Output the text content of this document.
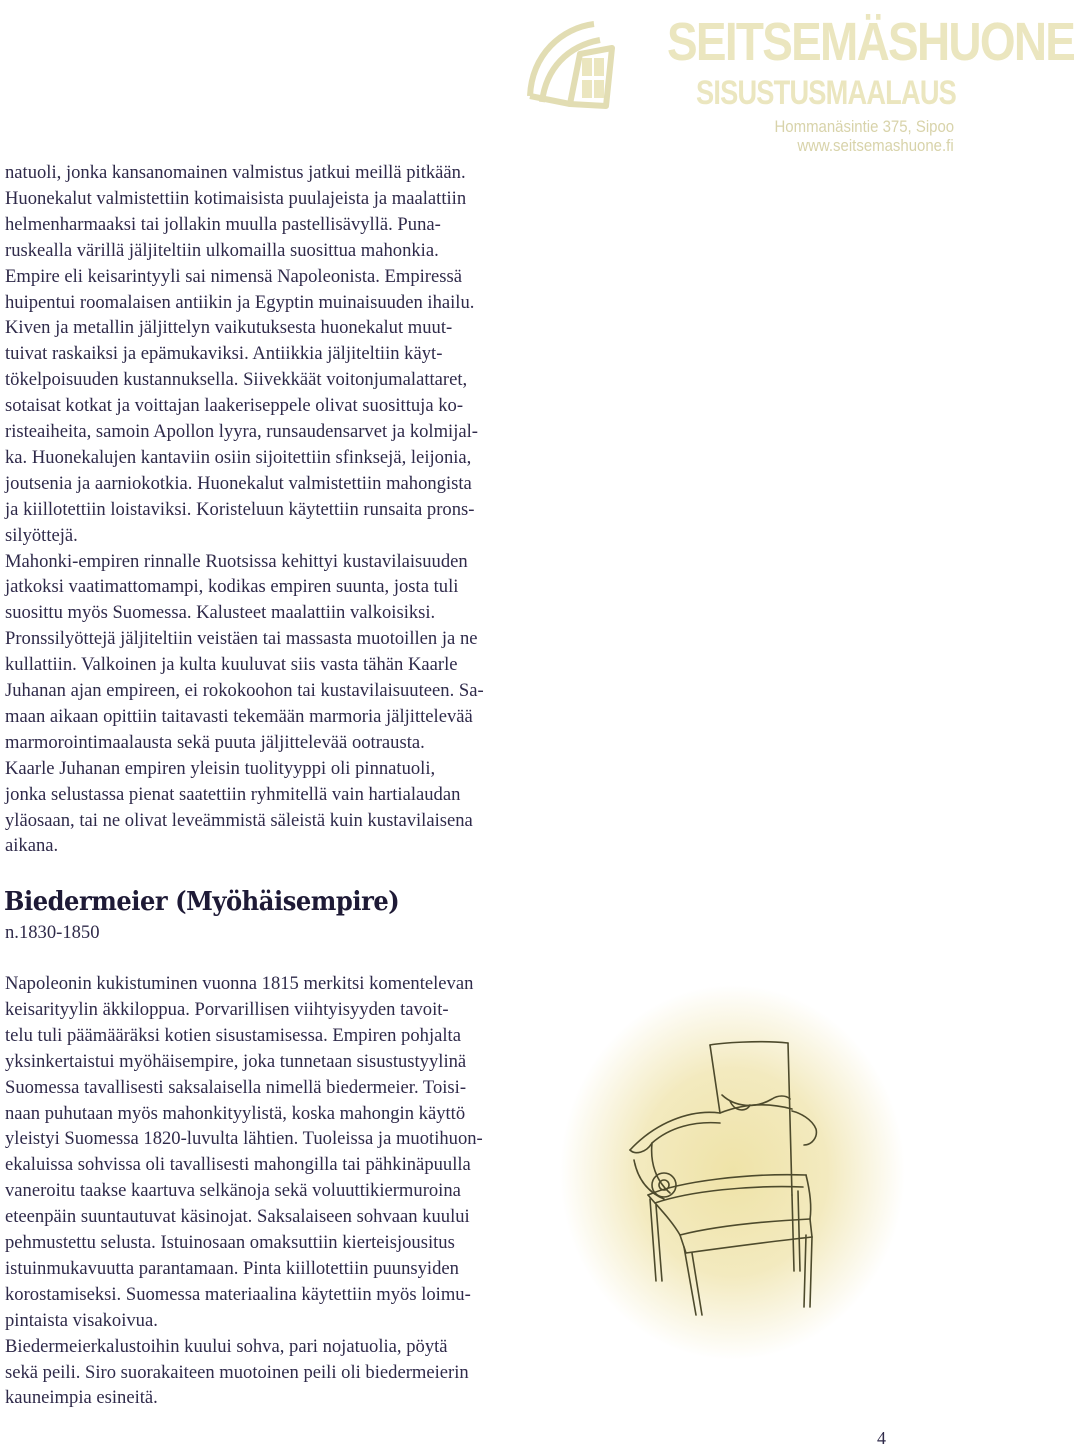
SEITSEMÄSHUONE
SISUSTUSMAALAUS
Hommanäsintie 375, Sipoo
www.seitsemashuone.fi

natuoli, jonka kansanomainen valmistus jatkui meillä pitkään.
Huonekalut valmistettiin kotimaisista puulajeista ja maalattiin
helmenharmaaksi tai jollakin muulla pastellisävyllä. Puna-
ruskealla värillä jäljiteltiin ulkomailla suosittua mahonkia.
Empire eli keisarintyyli sai nimensä Napoleonista. Empiressä
huipentui roomalaisen antiikin ja Egyptin muinaisuuden ihailu.
Kiven ja metallin jäljittelyn vaikutuksesta huonekalut muut-
tuivat raskaiksi ja epämukaviksi. Antiikkia jäljiteltiin käyt-
tökelpoisuuden kustannuksella. Siivekkäät voitonjumalattaret,
sotaisat kotkat ja voittajan laakeriseppele olivat suosittuja ko-
risteaiheita, samoin Apollon lyyra, runsaudensarvet ja kolmijal-
ka. Huonekalujen kantaviin osiin sijoitettiin sfinksejä, leijonia,
joutsenia ja aarniokotkia. Huonekalut valmistettiin mahongista
ja kiillotettiin loistaviksi. Koristeluun käytettiin runsaita prons-
silyöttejä.

Mahonki-empiren rinnalle Ruotsissa kehittyi kustavilaisuuden
jatkoksi vaatimattomampi, kodikas empiren suunta, josta tuli
suosittu myös Suomessa. Kalusteet maalattiin valkoisiksi.
Pronssilyöttejä jäljiteltiin veistäen tai massasta muotoillen ja ne
kullattiin. Valkoinen ja kulta kuuluvat siis vasta tähän Kaarle
Juhanan ajan empireen, ei rokokoohon tai kustavilaisuuteen. Sa-
maan aikaan opittiin taitavasti tekemään marmoria jäljittelevää
marmorointimaalausta sekä puuta jäljittelevää ootrausta.

Kaarle Juhanan empiren yleisin tuolityyppi oli pinnatuoli,
jonka selustassa pienat saatettiin ryhmitellä vain hartialaudan
yläosaan, tai ne olivat leveämmistä säleistä kuin kustavilaisena
aikana.

Biedermeier (Myöhäisempire)
n.1830-1850

Napoleonin kukistuminen vuonna 1815 merkitsi komentelevan
keisarityylin äkkiloppua. Porvarillisen viihtyisyyden tavoit-
telu tuli päämääräksi kotien sisustamisessa. Empiren pohjalta
yksinkertaistui myöhäisempire, joka tunnetaan sisustustyylinä
Suomessa tavallisesti saksalaisella nimellä biedermeier. Toisi-
naan puhutaan myös mahonkityylistä, koska mahongin käyttö
yleistyi Suomessa 1820-luvulta lähtien. Tuoleissa ja muotihuon-
ekaluissa sohvissa oli tavallisesti mahongilla tai pähkinäpuulla
vaneroitu taakse kaartuva selkänoja sekä voluuttikiermuroina
eteenpäin suuntautuvat käsinojat. Saksalaiseen sohvaan kuului
pehmustettu selusta. Istuinosaan omaksuttiin kierteisjousitus
istuinmukavuutta parantamaan. Pinta kiillotettiin puunsyiden
korostamiseksi. Suomessa materiaalina käytettiin myös loimu-
pintaista visakoivua.

Biedermeierkalustoihin kuului sohva, pari nojatuolia, pöytä
sekä peili. Siro suorakaiteen muotoinen peili oli biedermeierin
kauneimpia esineitä.

4
